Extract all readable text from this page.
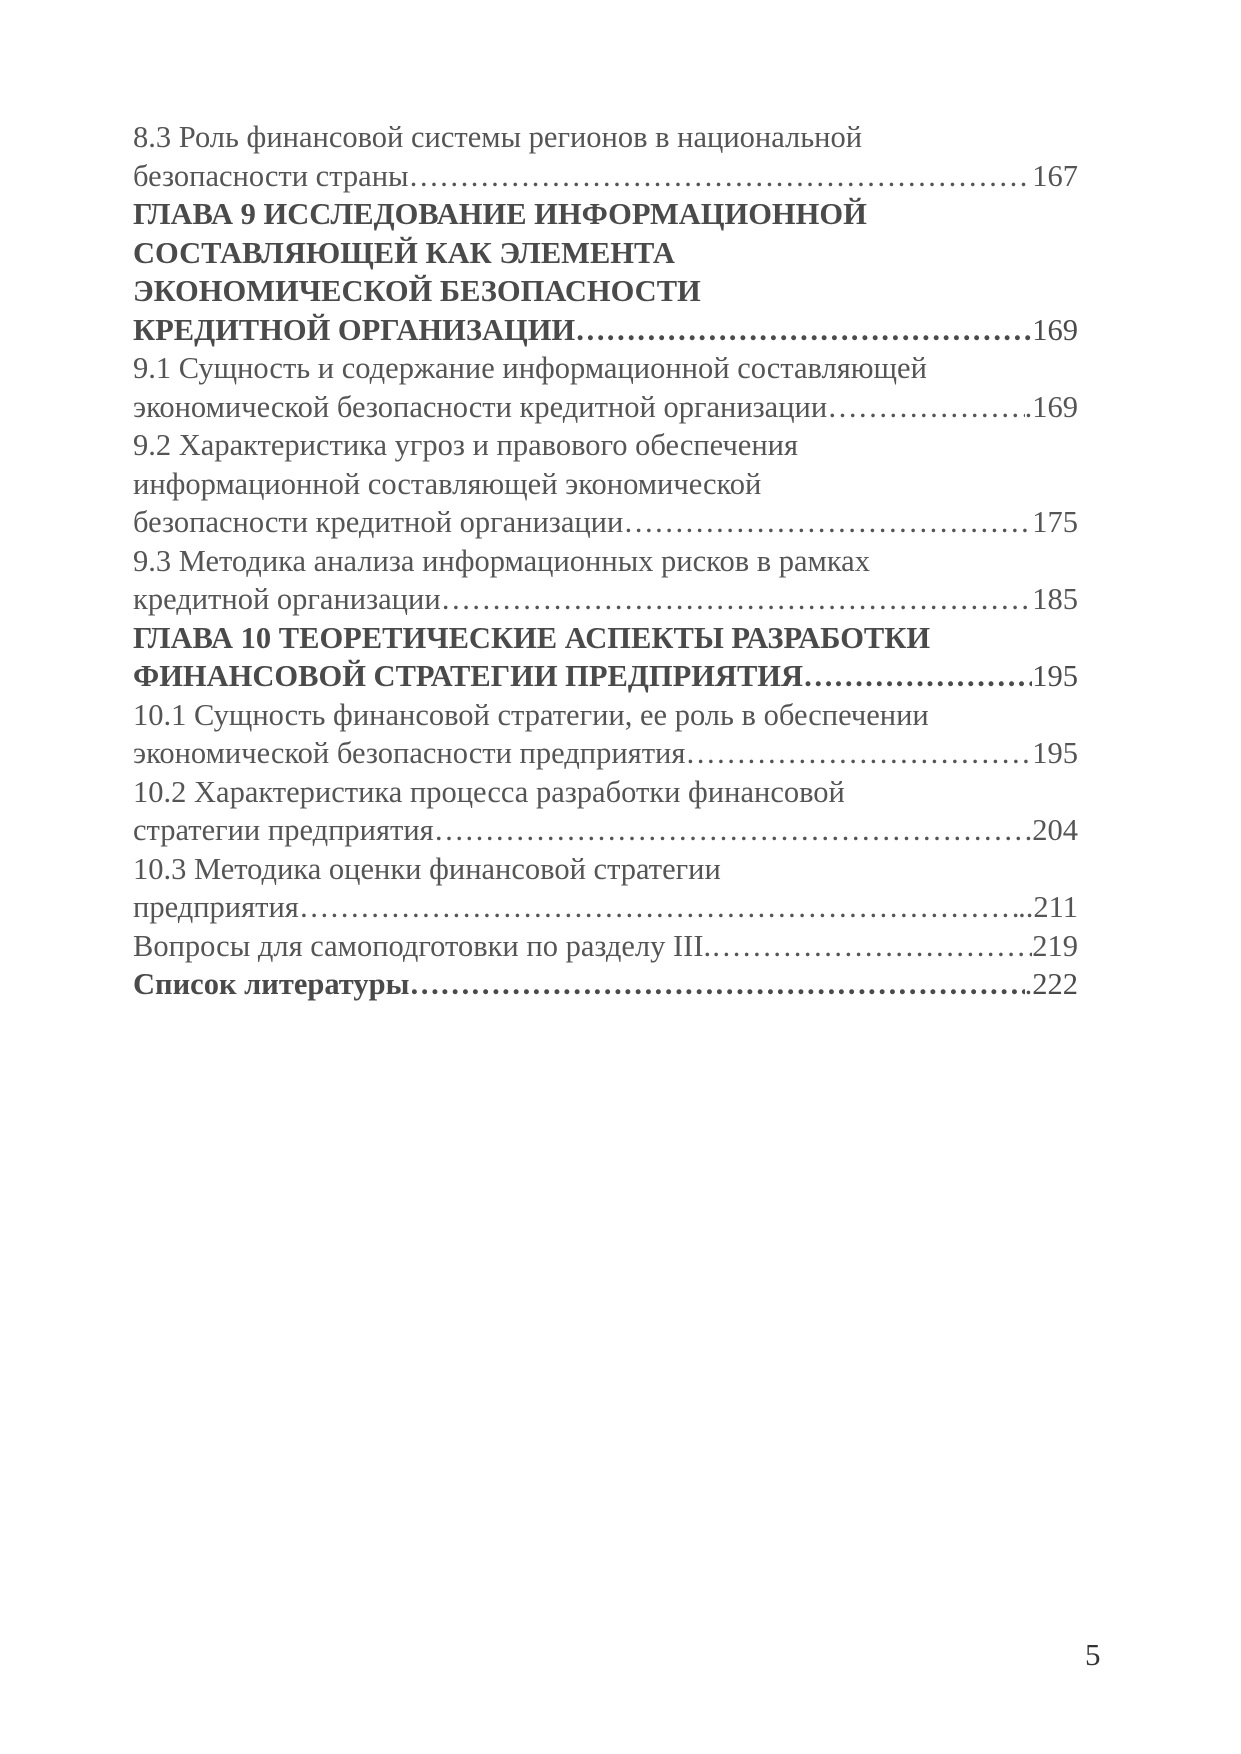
8.3 Роль финансовой системы регионов в национальной
безопасности страны ……………………………………………………………………………………………………………………………………………	167
ГЛАВА 9 ИССЛЕДОВАНИЕ ИНФОРМАЦИОННОЙ
СОСТАВЛЯЮЩЕЙ КАК ЭЛЕМЕНТА
ЭКОНОМИЧЕСКОЙ БЕЗОПАСНОСТИ
КРЕДИТНОЙ ОРГАНИЗАЦИИ ……………………………………………………………………………………………………………………………………………	169
9.1 Сущность и содержание информационной составляющей
экономической безопасности кредитной организации ……………………………………………………………………………………………………………………………………………	.169
9.2 Характеристика угроз и правового обеспечения
информационной составляющей экономической
безопасности кредитной организации ……………………………………………………………………………………………………………………………………………	175
9.3 Методика анализа информационных рисков в рамках
кредитной организации ……………………………………………………………………………………………………………………………………………	185
ГЛАВА 10 ТЕОРЕТИЧЕСКИЕ АСПЕКТЫ РАЗРАБОТКИ
ФИНАНСОВОЙ СТРАТЕГИИ ПРЕДПРИЯТИЯ ……………………………………………………………………………………………………………………………………………	195
10.1 Сущность финансовой стратегии, ее роль в обеспечении
экономической безопасности предприятия ……………………………………………………………………………………………………………………………………………	195
10.2 Характеристика процесса разработки финансовой
стратегии предприятия ……………………………………………………………………………………………………………………………………………	.204
10.3 Методика оценки финансовой стратегии
предприятия ……………………………………………………………………………………………………………………………………………	..211
Вопросы для самоподготовки по разделу III. ……………………………………………………………………………………………………………………………………………	219
Список литературы ……………………………………………………………………………………………………………………………………………	.222
5
